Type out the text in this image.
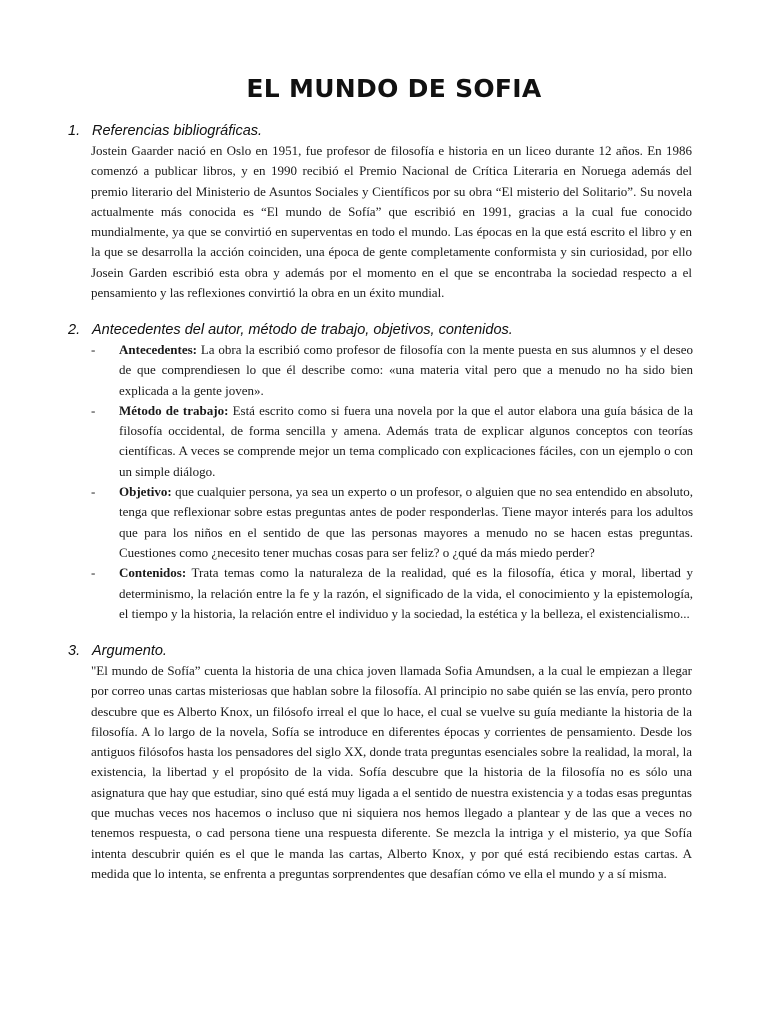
EL MUNDO DE SOFIA
1. Referencias bibliográficas.
Jostein Gaarder nació en Oslo en 1951, fue profesor de filosofía e historia en un liceo durante 12 años. En 1986 comenzó a publicar libros, y en 1990 recibió el Premio Nacional de Crítica Literaria en Noruega además del premio literario del Ministerio de Asuntos Sociales y Científicos por su obra “El misterio del Solitario”. Su novela actualmente más conocida es “El mundo de Sofía” que escribió en 1991, gracias a la cual fue conocido mundialmente, ya que se convirtió en superventas en todo el mundo. Las épocas en la que está escrito el libro y en la que se desarrolla la acción coinciden, una época de gente completamente conformista y sin curiosidad, por ello Josein Garden escribió esta obra y además por el momento en el que se encontraba la sociedad respecto a el pensamiento y las reflexiones convirtió la obra en un éxito mundial.
2. Antecedentes del autor, método de trabajo, objetivos, contenidos.
- Antecedentes: La obra la escribió como profesor de filosofía con la mente puesta en sus alumnos y el deseo de que comprendiesen lo que él describe como: «una materia vital pero que a menudo no ha sido bien explicada a la gente joven».
- Método de trabajo: Está escrito como si fuera una novela por la que el autor elabora una guía básica de la filosofía occidental, de forma sencilla y amena. Además trata de explicar algunos conceptos con teorías científicas. A veces se comprende mejor un tema complicado con explicaciones fáciles, con un ejemplo o con un simple diálogo.
- Objetivo: que cualquier persona, ya sea un experto o un profesor, o alguien que no sea entendido en absoluto, tenga que reflexionar sobre estas preguntas antes de poder responderlas. Tiene mayor interés para los adultos que para los niños en el sentido de que las personas mayores a menudo no se hacen estas preguntas. Cuestiones como ¿necesito tener muchas cosas para ser feliz? o ¿qué da más miedo perder?
- Contenidos: Trata temas como la naturaleza de la realidad, qué es la filosofía, ética y moral, libertad y determinismo, la relación entre la fe y la razón, el significado de la vida, el conocimiento y la epistemología, el tiempo y la historia, la relación entre el individuo y la sociedad, la estética y la belleza, el existencialismo...
3. Argumento.
"El mundo de Sofía” cuenta la historia de una chica joven llamada Sofia Amundsen, a la cual le empiezan a llegar por correo unas cartas misteriosas que hablan sobre la filosofía. Al principio no sabe quién se las envía, pero pronto descubre que es Alberto Knox, un filósofo irreal el que lo hace, el cual se vuelve su guía mediante la historia de la filosofía. A lo largo de la novela, Sofía se introduce en diferentes épocas y corrientes de pensamiento. Desde los antiguos filósofos hasta los pensadores del siglo XX, donde trata preguntas esenciales sobre la realidad, la moral, la existencia, la libertad y el propósito de la vida. Sofía descubre que la historia de la filosofía no es sólo una asignatura que hay que estudiar, sino qué está muy ligada a el sentido de nuestra existencia y a todas esas preguntas que muchas veces nos hacemos o incluso que ni siquiera nos hemos llegado a plantear y de las que a veces no tenemos respuesta, o cad persona tiene una respuesta diferente. Se mezcla la intriga y el misterio, ya que Sofía intenta descubrir quién es el que le manda las cartas, Alberto Knox, y por qué está recibiendo estas cartas. A medida que lo intenta, se enfrenta a preguntas sorprendentes que desafían cómo ve ella el mundo y a sí misma.
